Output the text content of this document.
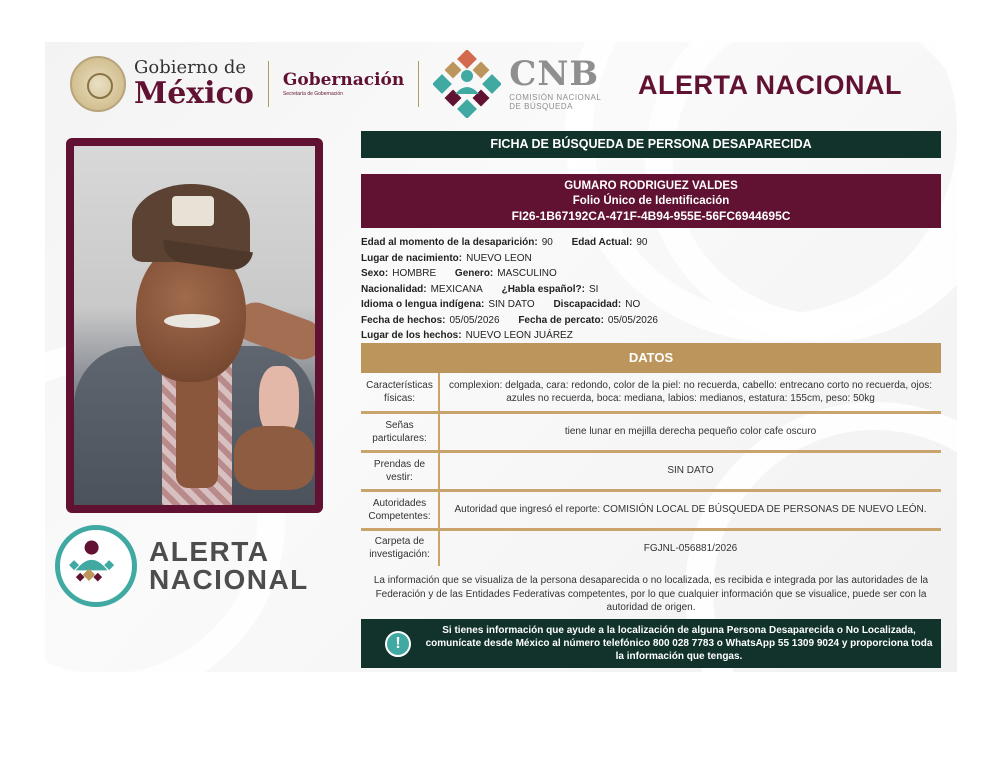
Gobierno de
México Gobernación
Secretaría de Gobernación	CNB
COMISIÓN NACIONAL
DE BÚSQUEDA
ALERTA NACIONAL
ALERTA
NACIONAL
FICHA DE BÚSQUEDA DE PERSONA DESAPARECIDA
GUMARO RODRIGUEZ VALDES
Folio Único de Identificación
FI26-1B67192CA-471F-4B94-955E-56FC6944695C
Edad al momento de la desaparición: 90 Edad Actual: 90
Lugar de nacimiento: NUEVO LEON
Sexo: HOMBRE Genero: MASCULINO
Nacionalidad: MEXICANA ¿Habla español?: SI
Idioma o lengua indígena: SIN DATO Discapacidad: NO
Fecha de hechos: 05/05/2026 Fecha de percato: 05/05/2026
Lugar de los hechos: NUEVO LEON JUÁREZ
DATOS
Características
físicas:	complexion: delgada, cara: redondo, color de la piel: no recuerda, cabello: entrecano corto no recuerda, ojos: azules no recuerda, boca: mediana, labios: medianos, estatura: 155cm, peso: 50kg
Señas
particulares:	tiene lunar en mejilla derecha pequeño color cafe oscuro
Prendas de
vestir:	SIN DATO
Autoridades
Competentes:	Autoridad que ingresó el reporte: COMISIÓN LOCAL DE BÚSQUEDA DE PERSONAS DE NUEVO LEÓN.
Carpeta de
investigación:	FGJNL-056881/2026
La información que se visualiza de la persona desaparecida o no localizada, es recibida e integrada por las autoridades de la Federación y de las Entidades Federativas competentes, por lo que cualquier información que se visualice, puede ser con la autoridad de origen.
!
Si tienes información que ayude a la localización de alguna Persona Desaparecida o No Localizada, comunícate desde México al número telefónico 800 028 7783 o WhatsApp 55 1309 9024 y proporciona toda la información que tengas.
